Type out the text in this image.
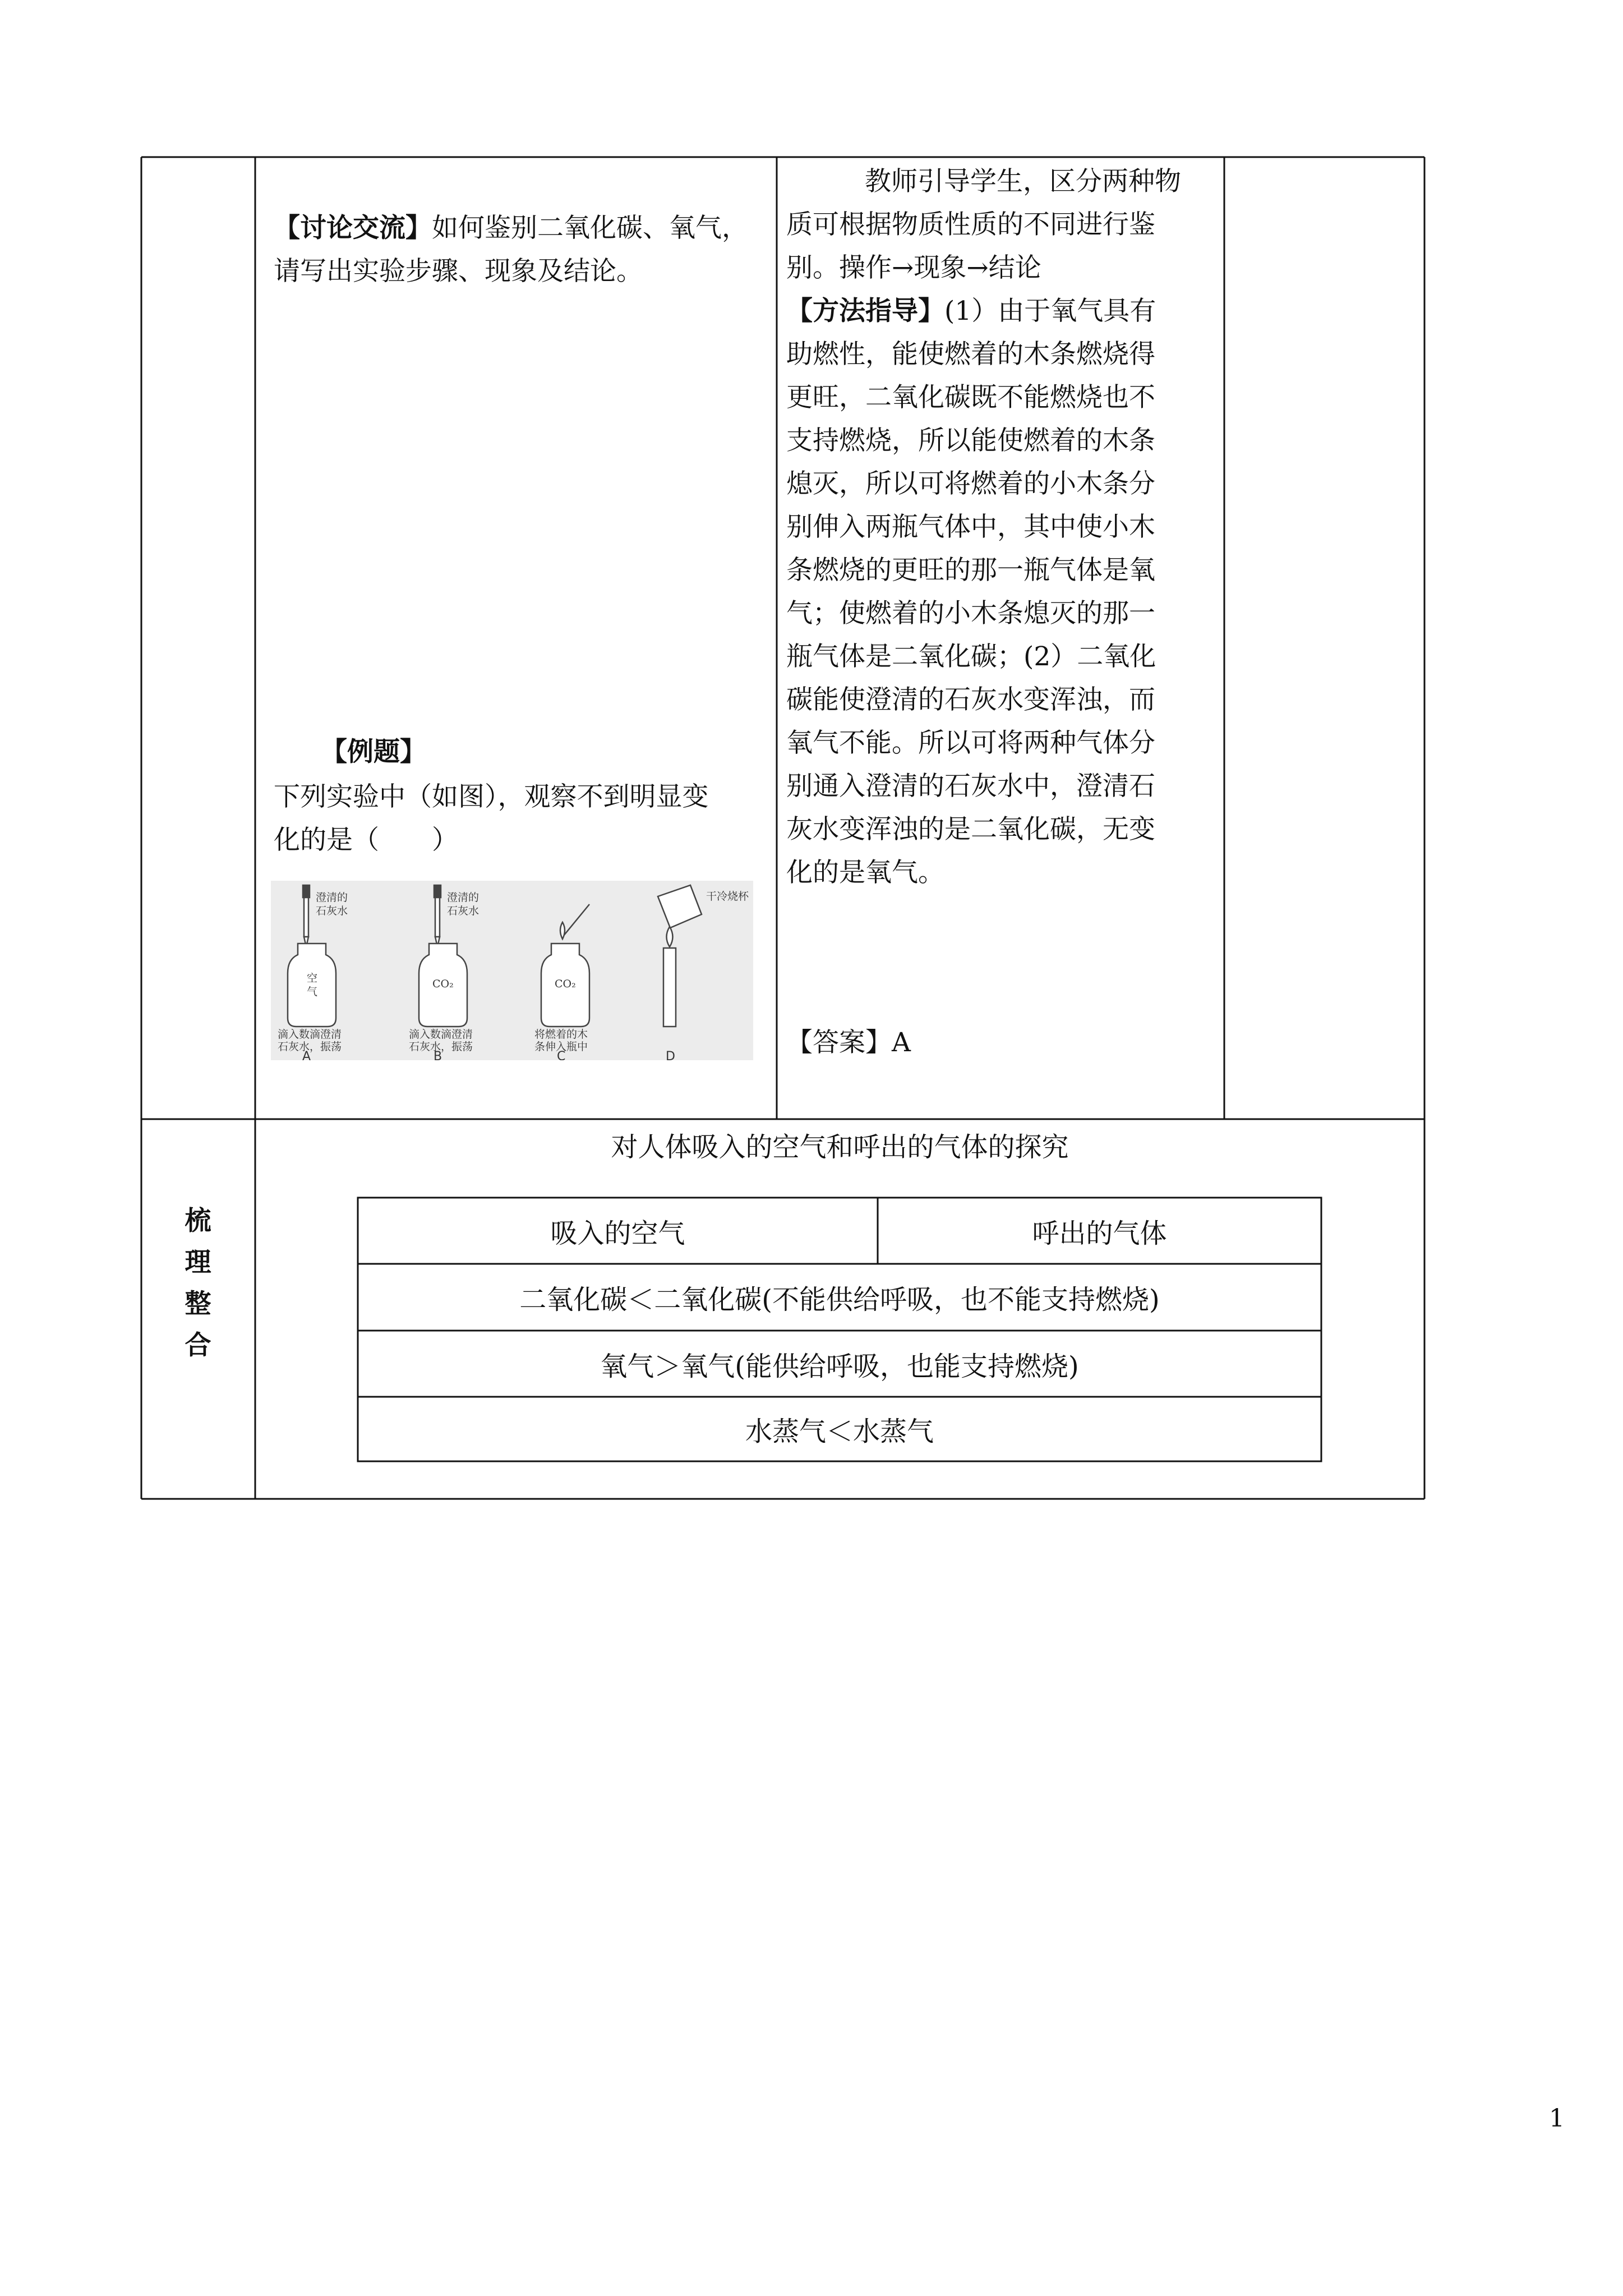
【讨论交流】如何鉴别二氧化碳、氧气，
请写出实验步骤、现象及结论。
【例题】
下列实验中（如图），观察不到明显变
化的是（　　）
澄清的
石灰水
空
气
滴入数滴澄清
石灰水，振荡
A
澄清的
石灰水
CO₂
滴入数滴澄清
石灰水，振荡
B
CO₂
将燃着的木
条伸入瓶中
C
干冷烧杯
D
教师引导学生，区分两种物
质可根据物质性质的不同进行鉴
别。操作→现象→结论
【方法指导】(1）由于氧气具有
助燃性，能使燃着的木条燃烧得
更旺，二氧化碳既不能燃烧也不
支持燃烧，所以能使燃着的木条
熄灭，所以可将燃着的小木条分
别伸入两瓶气体中，其中使小木
条燃烧的更旺的那一瓶气体是氧
气；使燃着的小木条熄灭的那一
瓶气体是二氧化碳；(2）二氧化
碳能使澄清的石灰水变浑浊，而
氧气不能。所以可将两种气体分
别通入澄清的石灰水中，澄清石
灰水变浑浊的是二氧化碳，无变
化的是氧气。
【答案】A
梳
理
整
合
对人体吸入的空气和呼出的气体的探究
吸入的空气	呼出的气体
二氧化碳＜二氧化碳(不能供给呼吸，也不能支持燃烧)
氧气＞氧气(能供给呼吸，也能支持燃烧)
水蒸气＜水蒸气
1
